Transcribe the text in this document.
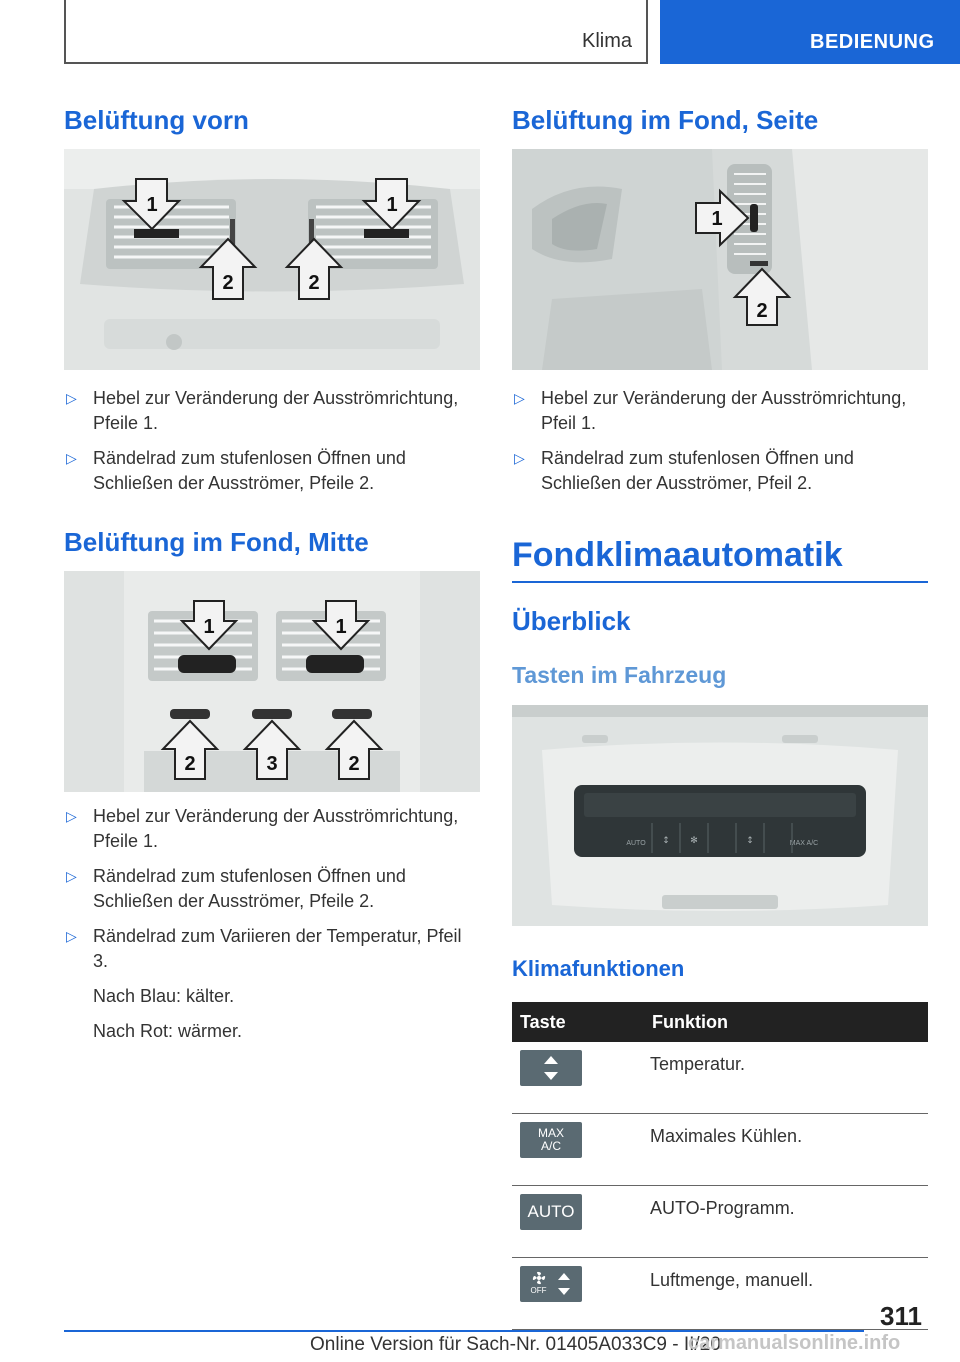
Klima	BEDIENUNG
Belüftung vorn
1	1
2	2
▷ Hebel zur Veränderung der Ausströmrichtung, Pfeile 1.
▷ Rändelrad zum stufenlosen Öffnen und Schließen der Ausströmer, Pfeile 2.
Belüftung im Fond, Mitte
1	1
2	3	2
▷ Hebel zur Veränderung der Ausströmrichtung, Pfeile 1.
▷ Rändelrad zum stufenlosen Öffnen und Schließen der Ausströmer, Pfeile 2.
▷ Rändelrad zum Variieren der Temperatur, Pfeil 3.
Nach Blau: kälter.
Nach Rot: wärmer.
Belüftung im Fond, Seite
1
2
▷ Hebel zur Veränderung der Ausströmrichtung, Pfeil 1.
▷ Rändelrad zum stufenlosen Öffnen und Schließen der Ausströmer, Pfeil 2.
Fondklimaautomatik
Überblick
Tasten im Fahrzeug
AUTO	MAX A/C
↕ ✻	↕
Klimafunktionen
Taste	Funktion

	Temperatur.

MAX A/C	Maximales Kühlen.

AUTO	AUTO-Programm.

OFF	Luftmenge, manuell.
311
Online Version für Sach-Nr. 01405A033C9 - II/20
carmanualsonline.info
